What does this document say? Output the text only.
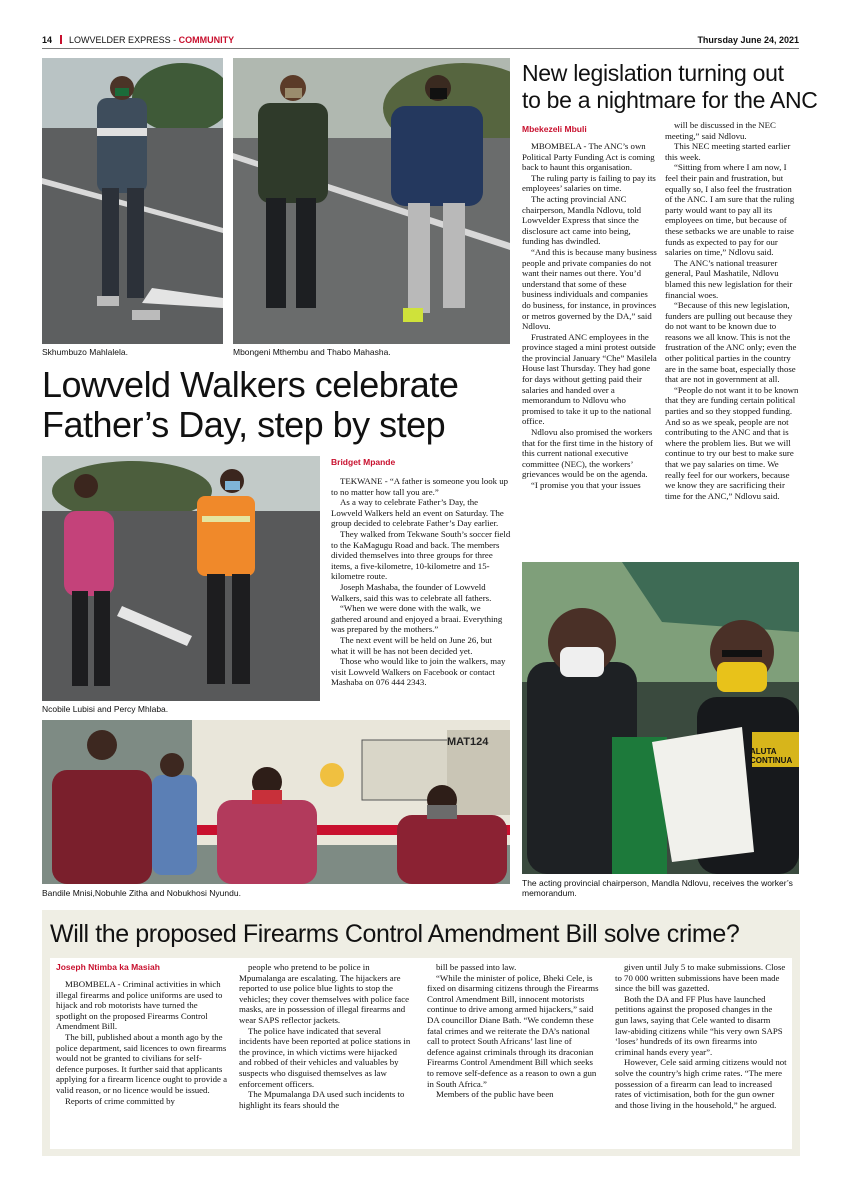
14 LOWVELDER EXPRESS - COMMUNITY	Thursday June 24, 2021
Skhumbuzo Mahlalela.	Mbongeni Mthembu and Thabo Mahasha.
Lowveld Walkers celebrate
Father’s Day, step by step
Ncobile Lubisi and Percy Mhlaba.
Bridget Mpande

TEKWANE - “A father is someone you look up to no matter how tall you are.”

As a way to celebrate Father’s Day, the Lowveld Walkers held an event on Saturday. The group decided to celebrate Father’s Day earlier.

They walked from Tekwane South’s soccer field to the KaMagugu Road and back. The members divided themselves into three groups for three items, a five-kilometre, 10-kilometre and 15-kilometre route.

Joseph Mashaba, the founder of Lowveld Walkers, said this was to celebrate all fathers.

“When we were done with the walk, we gathered around and enjoyed a braai. Everything was prepared by the mothers.”

The next event will be held on June 26, but what it will be has not been decided yet.

Those who would like to join the walkers, may visit Lowveld Walkers on Facebook or contact Mashaba on 076 444 2343.

MAT124
Bandile Mnisi,Nobuhle Zitha and Nobukhosi Nyundu.
New legislation turning out
to be a nightmare for the ANC
Mbekezeli Mbuli

MBOMBELA - The ANC’s own Political Party Funding Act is coming back to haunt this organisation.

The ruling party is failing to pay its employees’ salaries on time.

The acting provincial ANC chairperson, Mandla Ndlovu, told Lowvelder Express that since the disclosure act came into being, funding has dwindled.

“And this is because many business people and private companies do not want their names out there. You’d understand that some of these business individuals and companies do business, for instance, in provinces or metros governed by the DA,” said Ndlovu.

Frustrated ANC employees in the province staged a mini protest outside the provincial January “Che” Masilela House last Thursday. They had gone for days without getting paid their salaries and handed over a memorandum to Ndlovu who promised to take it up to the national office.

Ndlovu also promised the workers that for the first time in the history of this current national executive committee (NEC), the workers’ grievances would be on the agenda.

“I promise you that your issues

will be discussed in the NEC meeting,” said Ndlovu.

This NEC meeting started earlier this week.

“Sitting from where I am now, I feel their pain and frustration, but equally so, I also feel the frustration of the ANC. I am sure that the ruling party would want to pay all its employees on time, but because of these setbacks we are unable to raise funds as expected to pay for our salaries on time,” Ndlovu said.

The ANC’s national treasurer general, Paul Mashatile, Ndlovu blamed this new legislation for their financial woes.

“Because of this new legislation, funders are pulling out because they do not want to be known due to reasons we all know. This is not the frustration of the ANC only; even the other political parties in the country are in the same boat, especially those that are not in government at all.

“People do not want it to be known that they are funding certain political parties and so they stopped funding. And so as we speak, people are not contributing to the ANC and that is where the problem lies. But we will continue to try our best to make sure that we pay salaries on time. We really feel for our workers, because we know they are sacrificing their time for the ANC,” Ndlovu said.

ALUTA CONTINUA
The acting provincial chairperson, Mandla Ndlovu, receives the worker’s memorandum.
Will the proposed Firearms Control Amendment Bill solve crime?
Joseph Ntimba ka Masiah

MBOMBELA - Criminal activities in which illegal firearms and police uniforms are used to hijack and rob motorists have turned the spotlight on the proposed Firearms Control Amendment Bill.

The bill, published about a month ago by the police department, said licences to own firearms would not be granted to civilians for self-defence purposes. It further said that applicants applying for a firearm licence ought to provide a valid reason, or no licence would be issued.

Reports of crime committed by

people who pretend to be police in Mpumalanga are escalating. The hijackers are reported to use police blue lights to stop the vehicles; they cover themselves with police face masks, are in possession of illegal firearms and wear SAPS reflector jackets.

The police have indicated that several incidents have been reported at police stations in the province, in which victims were hijacked and robbed of their vehicles and valuables by suspects who disguised themselves as law enforcement officers.

The Mpumalanga DA used such incidents to highlight its fears should the

bill be passed into law.

“While the minister of police, Bheki Cele, is fixed on disarming citizens through the Firearms Control Amendment Bill, innocent motorists continue to drive among armed hijackers,” said DA councillor Diane Bath. “We condemn these fatal crimes and we reiterate the DA’s national call to protect South Africans’ last line of defence against criminals through its draconian Firearms Control Amendment Bill which seeks to remove self-defence as a reason to own a gun in South Africa.”

Members of the public have been

given until July 5 to make submissions. Close to 70 000 written submissions have been made since the bill was gazetted.

Both the DA and FF Plus have launched petitions against the proposed changes in the gun laws, saying that Cele wanted to disarm law-abiding citizens while “his very own SAPS ‘loses’ hundreds of its own firearms into criminal hands every year”.

However, Cele said arming citizens would not solve the country’s high crime rates. “The mere possession of a firearm can lead to increased rates of victimisation, both for the gun owner and those living in the household,” he argued.
